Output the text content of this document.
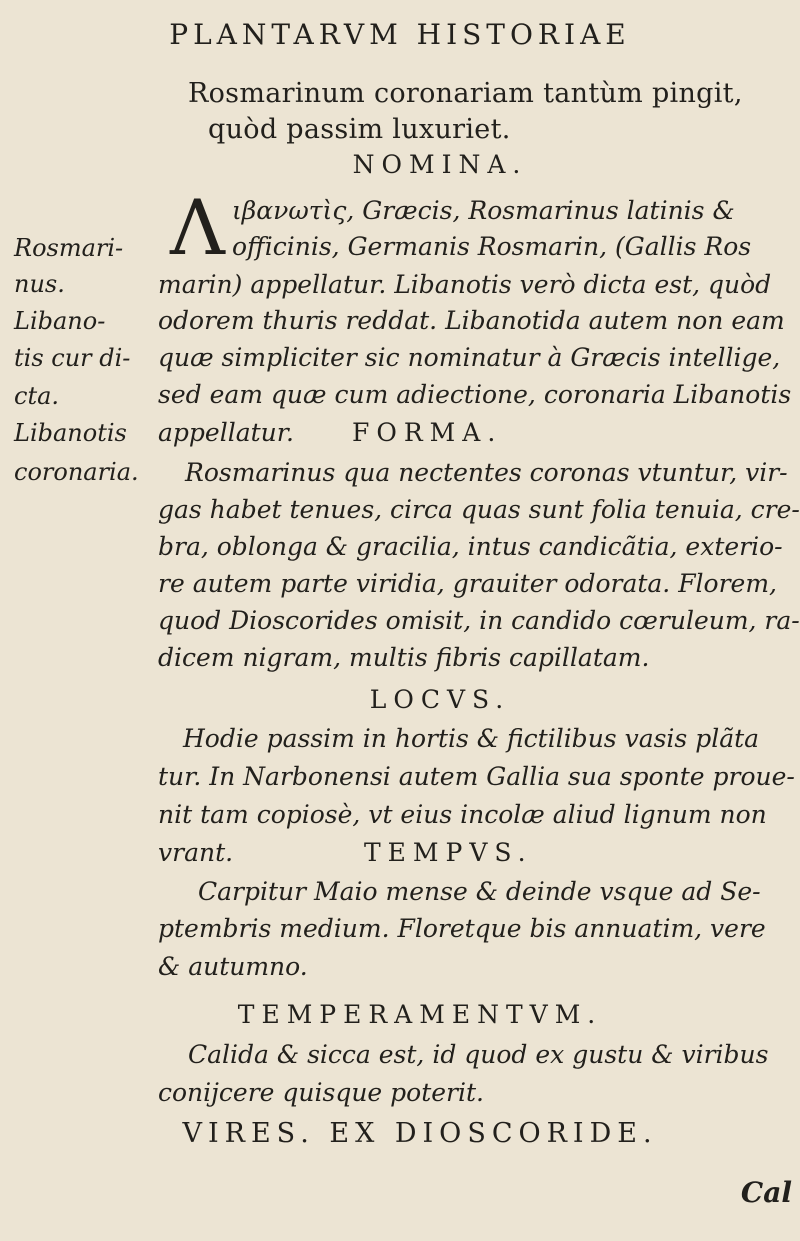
PLANTARVM HISTORIAE
Rosmarinum coronariam tantùm pingit,
quòd passim luxuriet.
NOMINA.
Λ ιβανωτὶς, Græcis, Rosmarinus latinis &
officinis, Germanis Rosmarin, (Gallis Ros
marin) appellatur. Libanotis verò dicta est, quòd
odorem thuris reddat. Libanotida autem non eam
quæ simpliciter sic nominatur à Græcis intellige,
sed eam quæ cum adiectione, coronaria Libanotis
appellatur. FORMA.
Rosmarinus qua nectentes coronas vtuntur, vir-
gas habet tenues, circa quas sunt folia tenuia, cre-
bra, oblonga & gracilia, intus candicãtia, exterio-
re autem parte viridia, grauiter odorata. Florem,
quod Dioscorides omisit, in candido cœruleum, ra-
dicem nigram, multis fibris capillatam.
LOCVS.
Hodie passim in hortis & fictilibus vasis plãta
tur. In Narbonensi autem Gallia sua sponte proue-
nit tam copiosè, vt eius incolæ aliud lignum non
vrant.	TEMPVS.
Carpitur Maio mense & deinde vsque ad Se-
ptembris medium. Floretque bis annuatim, vere
& autumno.
TEMPERAMENTVM.
Calida & sicca est, id quod ex gustu & viribus
conijcere quisque poterit.
VIRES. EX DIOSCORIDE.
Cal
Rosmari-
nus.
Libano-
tis cur di-
cta.
Libanotis
coronaria.
